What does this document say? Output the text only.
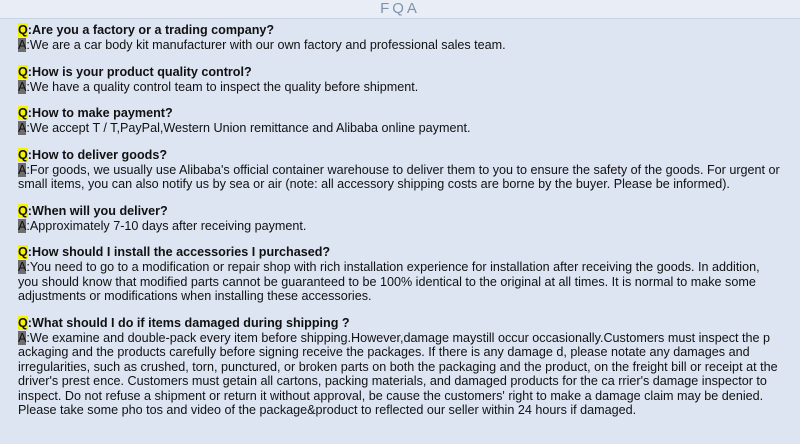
FQA
Q:Are you a factory or a trading company?
A:We are a car body kit manufacturer with our own factory and professional sales team.
Q:How is your product quality control?
A:We have a quality control team to inspect the quality before shipment.
Q:How to make payment?
A:We accept T / T,PayPal,Western Union remittance and Alibaba online payment.
Q:How to deliver goods?
A:For goods, we usually use Alibaba's official container warehouse to deliver them to you to ensure the safety of the goods. For urgent or small items, you can also notify us by sea or air (note: all accessory shipping costs are borne by the buyer. Please be informed).
Q:When will you deliver?
A:Approximately 7-10 days after receiving payment.
Q:How should I install the accessories I purchased?
A:You need to go to a modification or repair shop with rich installation experience for installation after receiving the goods. In addition, you should know that modified parts cannot be guaranteed to be 100% identical to the original at all times. It is normal to make some adjustments or modifications when installing these accessories.
Q:What should I do if items damaged during shipping ?
A:We examine and double-pack every item before shipping.However,damage maystill occur occasionally.Customers must inspect the p ackaging and the products carefully before signing receive the packages. If there is any damage d, please notate any damages and irregularities, such as crushed, torn, punctured, or broken parts on both the packaging and the product, on the freight bill or receipt at the driver's prest ence. Customers must getain all cartons, packing materials, and damaged products for the ca rrier's damage inspector to inspect. Do not refuse a shipment or return it without approval, be cause the customers' right to make a damage claim may be denied. Please take some pho tos and video of the package&product to reflected our seller within 24 hours if damaged.
